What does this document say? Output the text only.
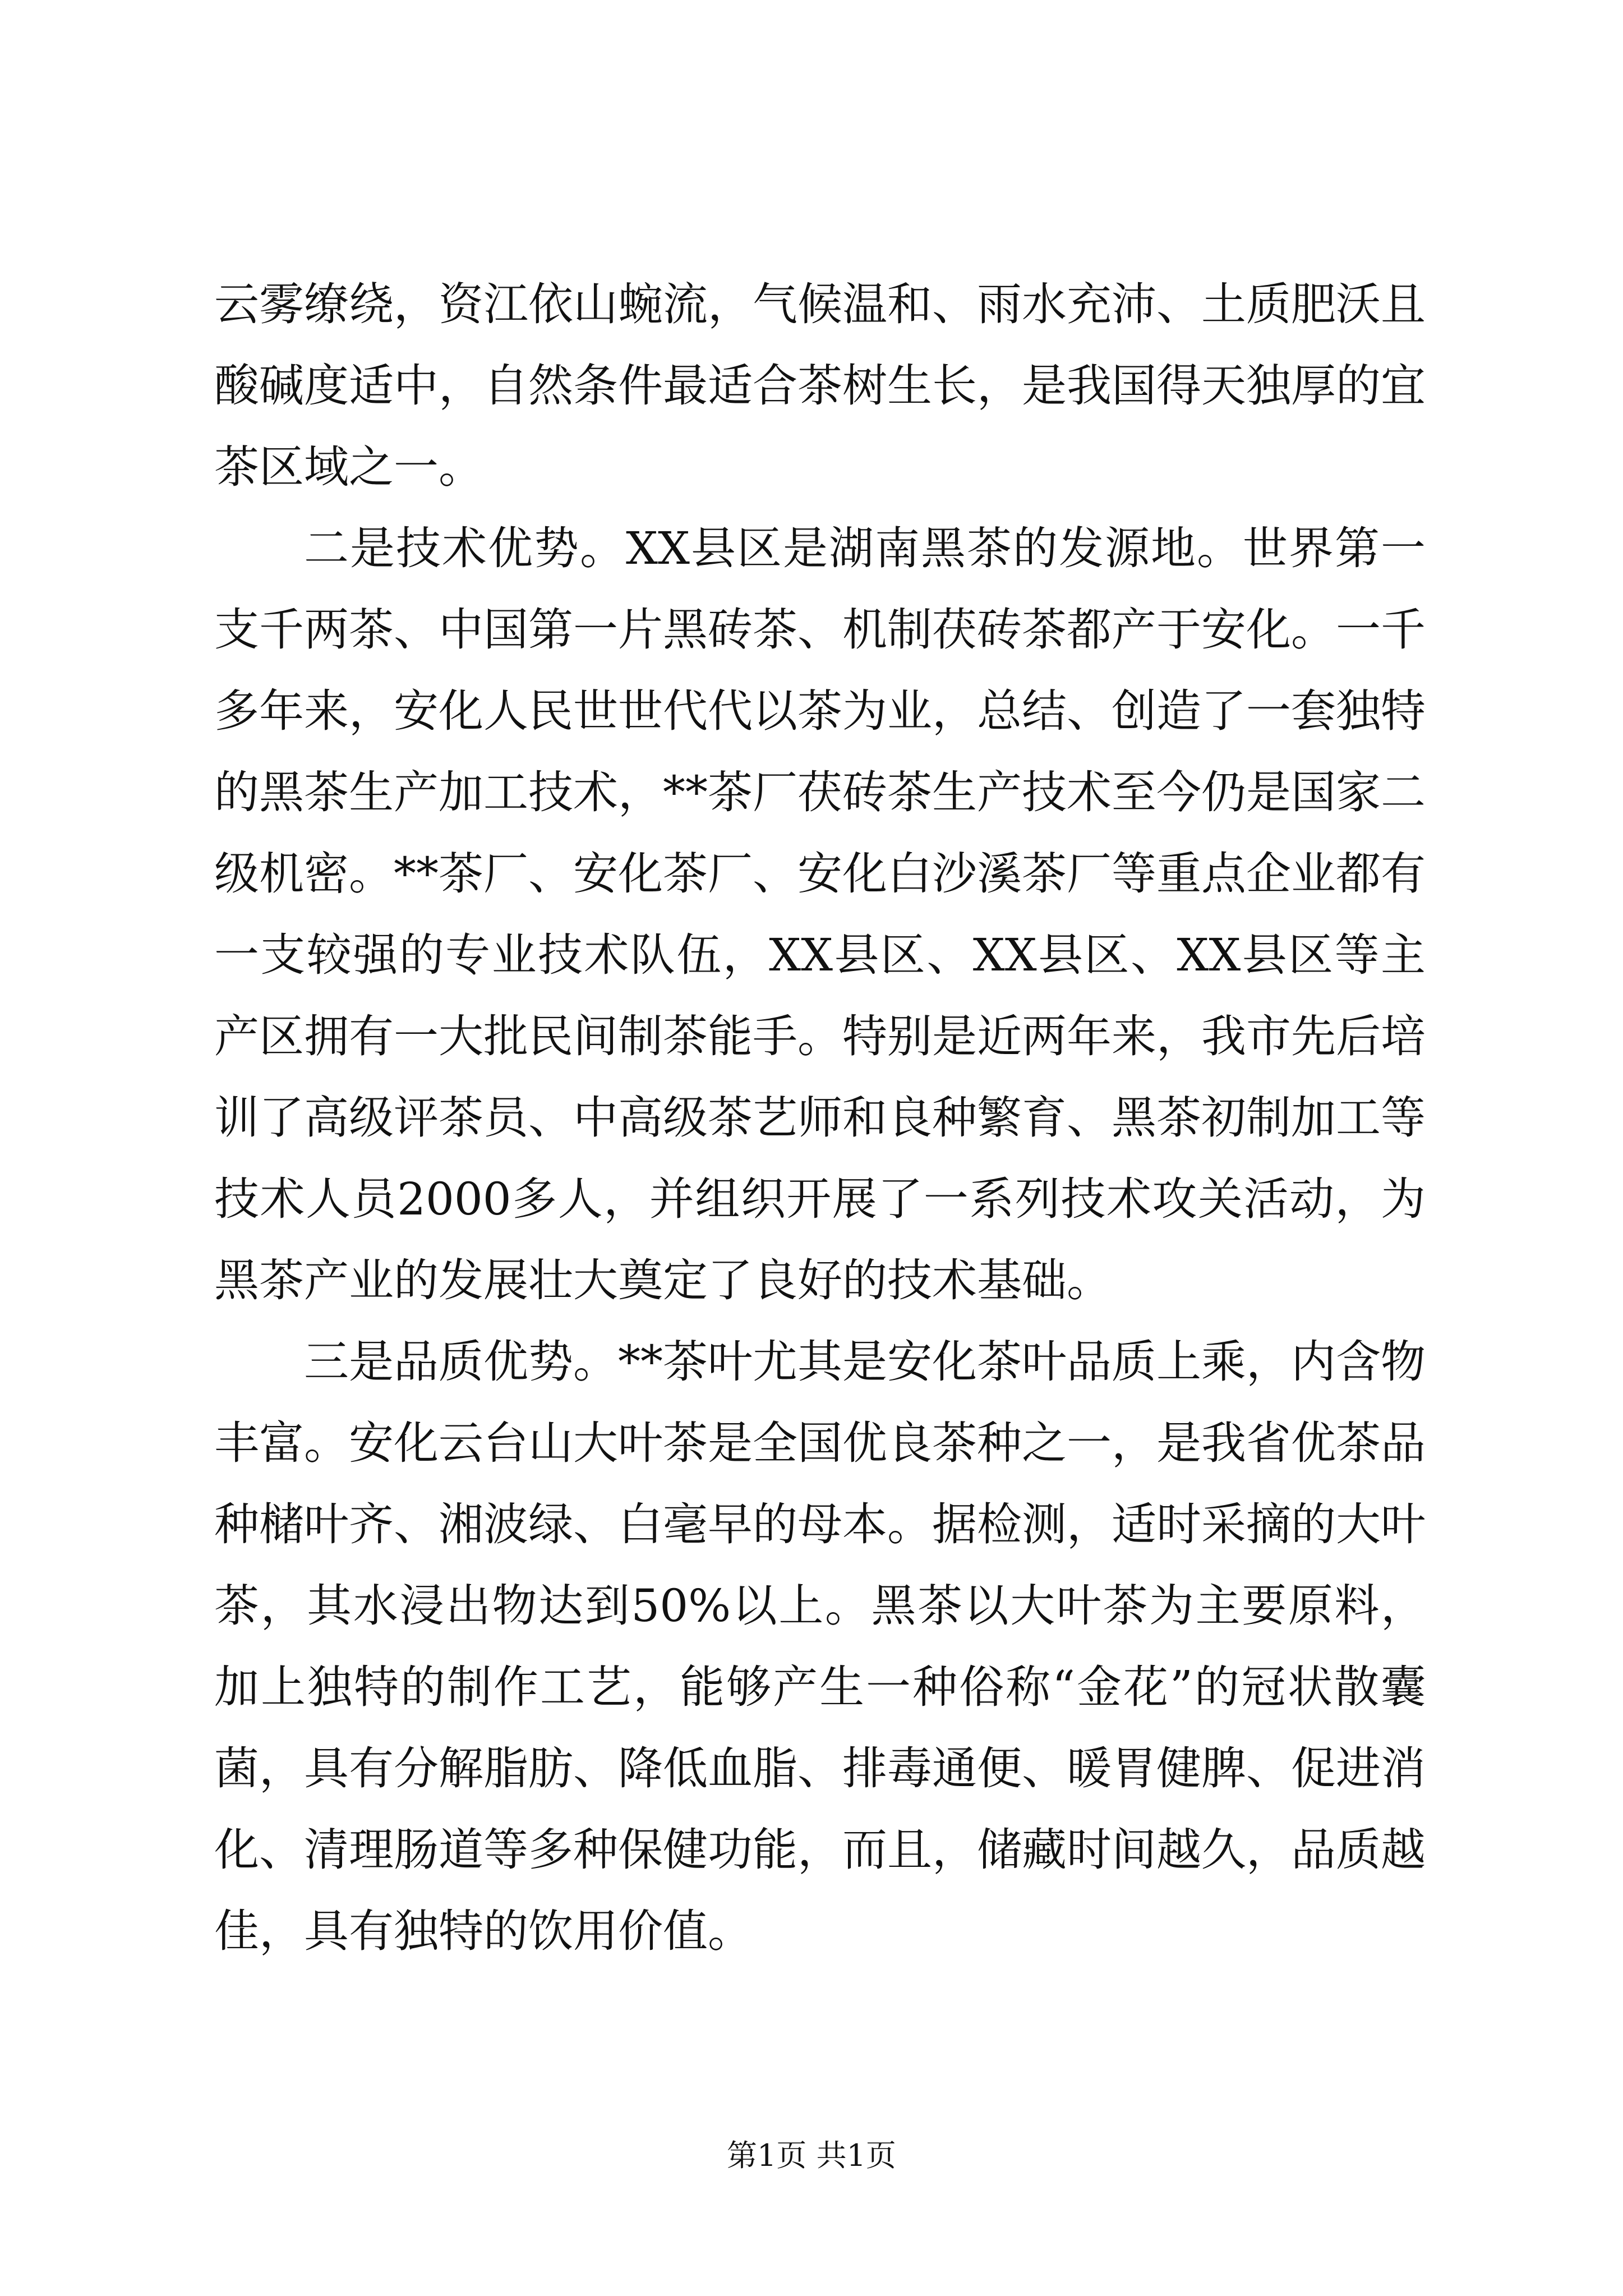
云雾缭绕，资江依山蜿流，气候温和、雨水充沛、土质肥沃且酸碱度适中，自然条件最适合茶树生长，是我国得天独厚的宜茶区域之一。

二是技术优势。XX县区是湖南黑茶的发源地。世界第一支千两茶、中国第一片黑砖茶、机制茯砖茶都产于安化。一千多年来，安化人民世世代代以茶为业，总结、创造了一套独特的黑茶生产加工技术，**茶厂茯砖茶生产技术至今仍是国家二级机密。**茶厂、安化茶厂、安化白沙溪茶厂等重点企业都有一支较强的专业技术队伍，XX县区、XX县区、XX县区等主产区拥有一大批民间制茶能手。特别是近两年来，我市先后培训了高级评茶员、中高级茶艺师和良种繁育、黑茶初制加工等技术人员2000多人，并组织开展了一系列技术攻关活动，为黑茶产业的发展壮大奠定了良好的技术基础。

三是品质优势。**茶叶尤其是安化茶叶品质上乘，内含物丰富。安化云台山大叶茶是全国优良茶种之一，是我省优茶品种槠叶齐、湘波绿、白毫早的母本。据检测，适时采摘的大叶茶，其水浸出物达到50%以上。黑茶以大叶茶为主要原料，加上独特的制作工艺，能够产生一种俗称“金花”的冠状散囊菌，具有分解脂肪、降低血脂、排毒通便、暖胃健脾、促进消化、清理肠道等多种保健功能，而且，储藏时间越久，品质越佳，具有独特的饮用价值。

第1页 共1页
